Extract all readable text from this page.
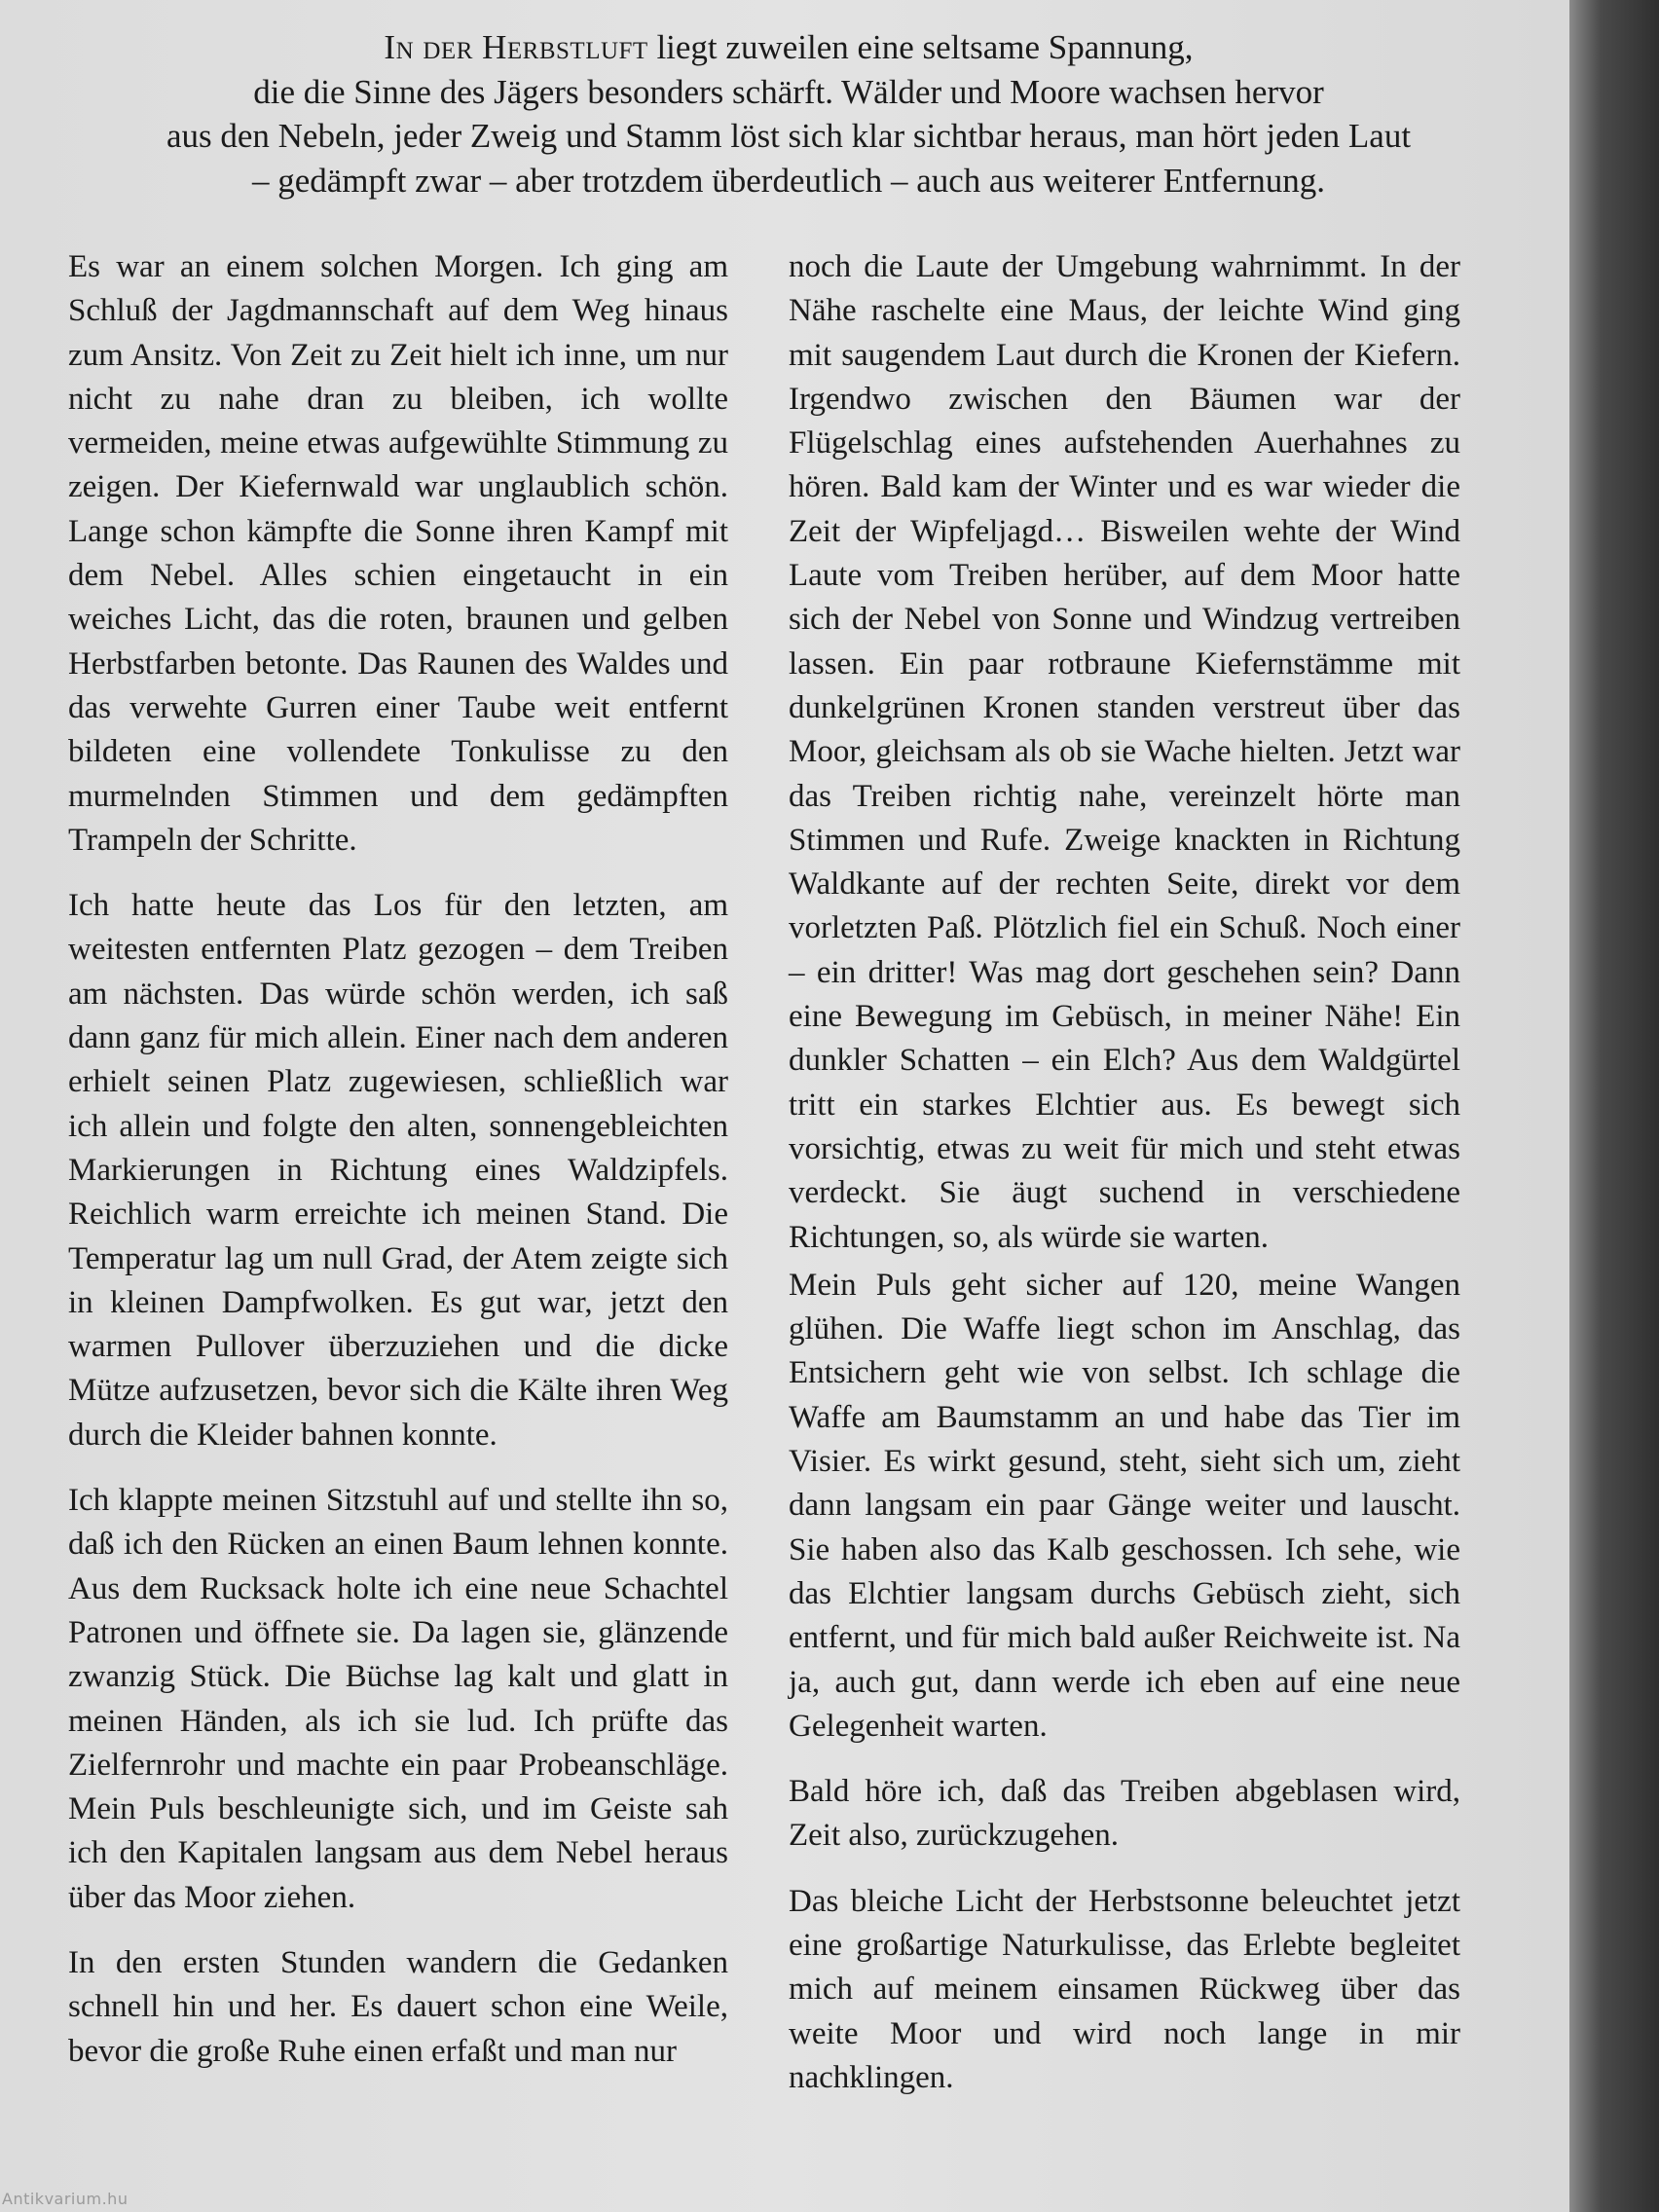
In der Herbstluft liegt zuweilen eine seltsame Spannung,
die die Sinne des Jägers besonders schärft. Wälder und Moore wachsen hervor
aus den Nebeln, jeder Zweig und Stamm löst sich klar sichtbar heraus, man hört jeden Laut
– gedämpft zwar – aber trotzdem überdeutlich – auch aus weiterer Entfernung.

Es war an einem solchen Morgen. Ich ging am Schluß der Jagdmannschaft auf dem Weg hinaus zum Ansitz. Von Zeit zu Zeit hielt ich inne, um nur nicht zu nahe dran zu bleiben, ich wollte vermeiden, meine etwas aufgewühlte Stimmung zu zeigen. Der Kiefernwald war unglaublich schön. Lange schon kämpfte die Sonne ihren Kampf mit dem Nebel. Alles schien eingetaucht in ein weiches Licht, das die roten, braunen und gelben Herbstfarben betonte. Das Raunen des Waldes und das verwehte Gurren einer Taube weit entfernt bildeten eine vollendete Tonkulisse zu den murmelnden Stimmen und dem gedämpften Trampeln der Schritte.

Ich hatte heute das Los für den letzten, am weitesten entfernten Platz gezogen – dem Treiben am nächsten. Das würde schön werden, ich saß dann ganz für mich allein. Einer nach dem anderen erhielt seinen Platz zugewiesen, schließlich war ich allein und folgte den alten, sonnengebleichten Markierungen in Richtung eines Waldzipfels. Reichlich warm erreichte ich meinen Stand. Die Temperatur lag um null Grad, der Atem zeigte sich in kleinen Dampfwolken. Es gut war, jetzt den warmen Pullover überzuziehen und die dicke Mütze aufzusetzen, bevor sich die Kälte ihren Weg durch die Kleider bahnen konnte.

Ich klappte meinen Sitzstuhl auf und stellte ihn so, daß ich den Rücken an einen Baum lehnen konnte. Aus dem Rucksack holte ich eine neue Schachtel Patronen und öffnete sie. Da lagen sie, glänzende zwanzig Stück. Die Büchse lag kalt und glatt in meinen Händen, als ich sie lud. Ich prüfte das Zielfernrohr und machte ein paar Probeanschläge. Mein Puls beschleunigte sich, und im Geiste sah ich den Kapitalen langsam aus dem Nebel heraus über das Moor ziehen.

In den ersten Stunden wandern die Gedanken schnell hin und her. Es dauert schon eine Weile, bevor die große Ruhe einen erfaßt und man nur

noch die Laute der Umgebung wahrnimmt. In der Nähe raschelte eine Maus, der leichte Wind ging mit saugendem Laut durch die Kronen der Kiefern. Irgendwo zwischen den Bäumen war der Flügelschlag eines aufstehenden Auerhahnes zu hören. Bald kam der Winter und es war wieder die Zeit der Wipfeljagd… Bisweilen wehte der Wind Laute vom Treiben herüber, auf dem Moor hatte sich der Nebel von Sonne und Windzug vertreiben lassen. Ein paar rotbraune Kiefernstämme mit dunkelgrünen Kronen standen verstreut über das Moor, gleichsam als ob sie Wache hielten. Jetzt war das Treiben richtig nahe, vereinzelt hörte man Stimmen und Rufe. Zweige knackten in Richtung Waldkante auf der rechten Seite, direkt vor dem vorletzten Paß. Plötzlich fiel ein Schuß. Noch einer – ein dritter! Was mag dort geschehen sein? Dann eine Bewegung im Gebüsch, in meiner Nähe! Ein dunkler Schatten – ein Elch? Aus dem Waldgürtel tritt ein starkes Elchtier aus. Es bewegt sich vorsichtig, etwas zu weit für mich und steht etwas verdeckt. Sie äugt suchend in verschiedene Richtungen, so, als würde sie warten.

Mein Puls geht sicher auf 120, meine Wangen glühen. Die Waffe liegt schon im Anschlag, das Entsichern geht wie von selbst. Ich schlage die Waffe am Baumstamm an und habe das Tier im Visier. Es wirkt gesund, steht, sieht sich um, zieht dann langsam ein paar Gänge weiter und lauscht. Sie haben also das Kalb geschossen. Ich sehe, wie das Elchtier langsam durchs Gebüsch zieht, sich entfernt, und für mich bald außer Reichweite ist. Na ja, auch gut, dann werde ich eben auf eine neue Gelegenheit warten.

Bald höre ich, daß das Treiben abgeblasen wird, Zeit also, zurückzugehen.

Das bleiche Licht der Herbstsonne beleuchtet jetzt eine großartige Naturkulisse, das Erlebte begleitet mich auf meinem einsamen Rückweg über das weite Moor und wird noch lange in mir nachklingen.

Antikvarium.hu
